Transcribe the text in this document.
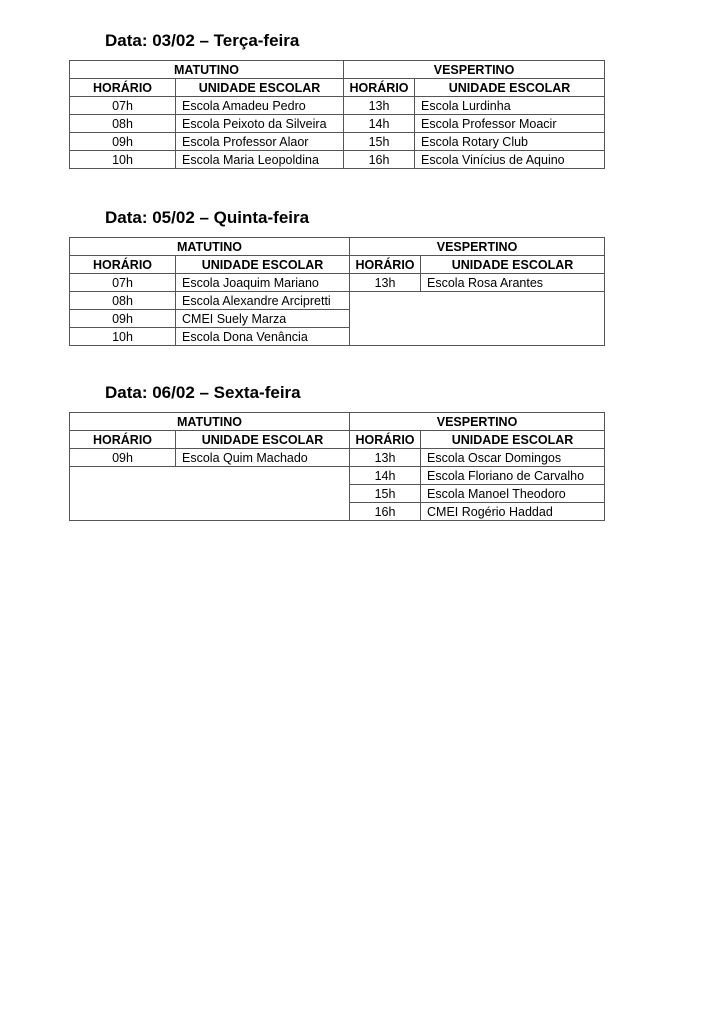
Data: 03/02 – Terça-feira
MATUTINO		VESPERTINO	
HORÁRIO	UNIDADE ESCOLAR	HORÁRIO	UNIDADE ESCOLAR
07h	Escola Amadeu Pedro	13h	Escola Lurdinha
08h	Escola Peixoto da Silveira	14h	Escola Professor Moacir
09h	Escola Professor Alaor	15h	Escola Rotary Club
10h	Escola Maria Leopoldina	16h	Escola Vinícius de Aquino
Data: 05/02 – Quinta-feira
MATUTINO		VESPERTINO	
HORÁRIO	UNIDADE ESCOLAR	HORÁRIO	UNIDADE ESCOLAR
07h	Escola Joaquim Mariano	13h	Escola Rosa Arantes
08h	Escola Alexandre Arcipretti		
09h	CMEI Suely Marza		
10h	Escola Dona Venância		
Data: 06/02 – Sexta-feira
MATUTINO		VESPERTINO	
HORÁRIO	UNIDADE ESCOLAR	HORÁRIO	UNIDADE ESCOLAR
09h	Escola Quim Machado	13h	Escola Oscar Domingos
		14h	Escola Floriano de Carvalho
		15h	Escola Manoel Theodoro
		16h	CMEI Rogério Haddad
